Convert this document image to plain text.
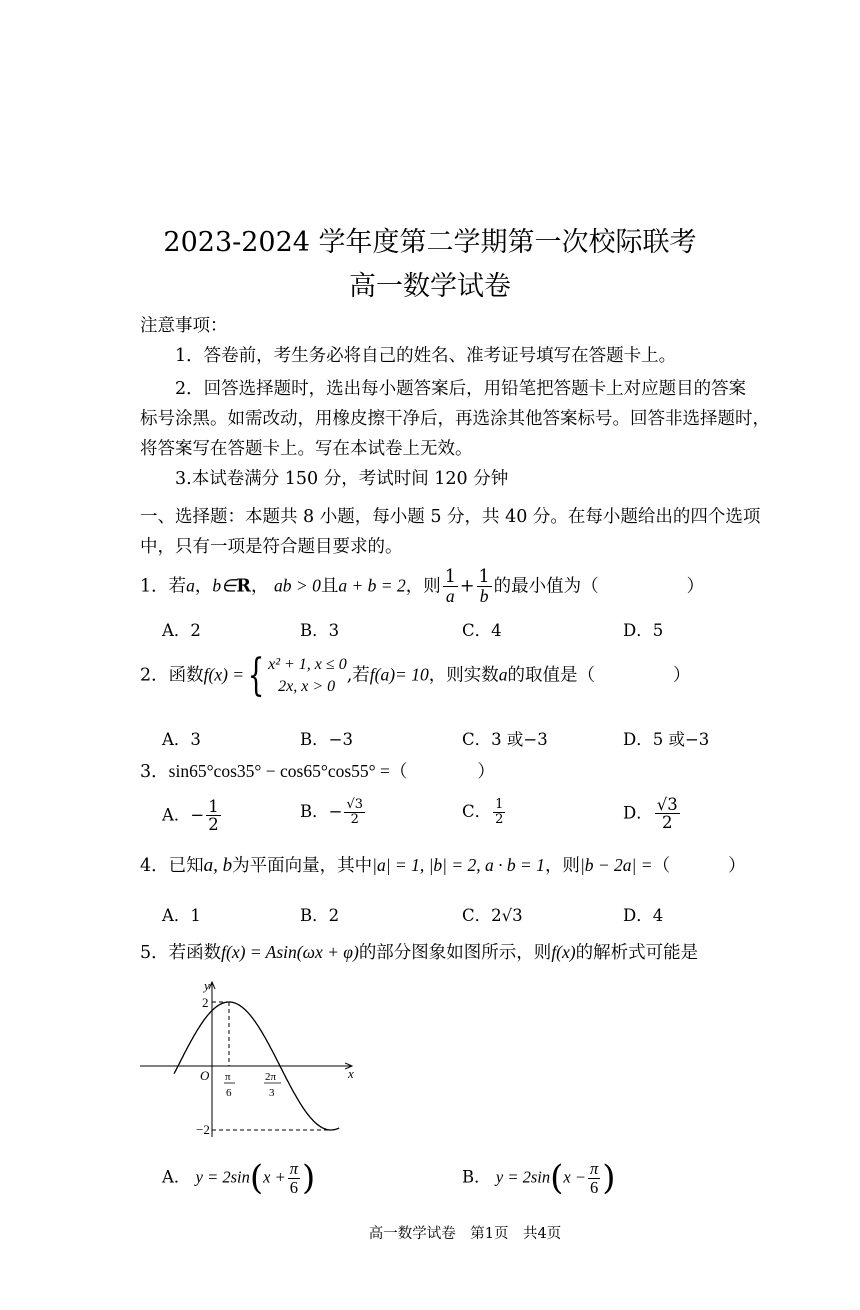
2023-2024 学年度第二学期第一次校际联考
高一数学试卷
注意事项：
1．答卷前，考生务必将自己的姓名、准考证号填写在答题卡上。
2．回答选择题时，选出每小题答案后，用铅笔把答题卡上对应题目的答案
标号涂黑。如需改动，用橡皮擦干净后，再选涂其他答案标号。回答非选择题时，
将答案写在答题卡上。写在本试卷上无效。
3.本试卷满分 150 分，考试时间 120 分钟
一、选择题：本题共 8 小题，每小题 5 分，共 40 分。在每小题给出的四个选项
中，只有一项是符合题目要求的。
1．若a，b∈R， ab > 0且a + b = 2，则 $\frac{1}{a} + \frac{1}{b}$ 的最小值为（	）
A．2	B．3	C．4	D．5
2．函数f(x) ={ x² + 1, x ≤ 0
2x, x > 0
,若f(a)= 10，则实数a的取值是（	）
A．3	B．−3	C．3 或−3	D．5 或−3
3．sin65°cos35° − cos65°cos55° =（	）
A．− $\frac{1}{2}$	B．− $\frac{√3}{2}$	C． $\frac{1}{2}$	D． $\frac{√3}{2}$
4．已知a, b为平面向量，其中|a| = 1, |b| = 2, a · b = 1，则|b − 2a| =（	）
A．1	B．2	C．2√3	D．4
5．若函数f(x) = Asin(ωx + φ)的部分图象如图所示，则f(x)的解析式可能是
y
x
O
2
−2
π
6
2π
3
A． $y = 2\sin(x + \frac{\pi}{6}$ )	B． $y = 2\sin(x - \frac{\pi}{6}$ )
高一数学试卷　第1页　共4页
